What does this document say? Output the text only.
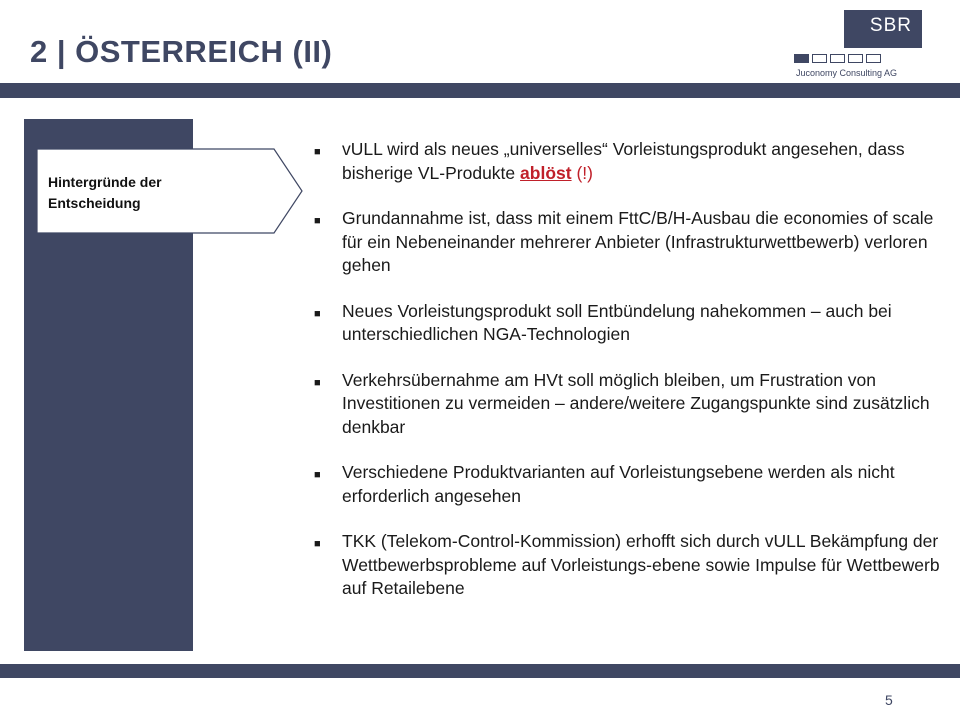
2 | ÖSTERREICH (II)
SBR
Juconomy Consulting AG
Hintergründe der
Entscheidung
■	vULL wird als neues „universelles“ Vorleistungsprodukt angesehen, dass bisherige VL-Produkte ablöst (!)
■	Grundannahme ist, dass mit einem FttC/B/H-Ausbau die economies of scale für ein Nebeneinander mehrerer Anbieter (Infrastrukturwettbewerb) verloren gehen
■	Neues Vorleistungsprodukt soll Entbündelung nahekommen – auch bei unterschiedlichen NGA-Technologien
■	Verkehrsübernahme am HVt soll möglich bleiben, um Frustration von Investitionen zu vermeiden – andere/weitere Zugangspunkte sind zusätzlich denkbar
■	Verschiedene Produktvarianten auf Vorleistungsebene werden als nicht erforderlich angesehen
■	TKK (Telekom-Control-Kommission) erhofft sich durch vULL Bekämpfung der Wettbewerbsprobleme auf Vorleistungs-ebene sowie Impulse für Wettbewerb auf Retailebene
5
